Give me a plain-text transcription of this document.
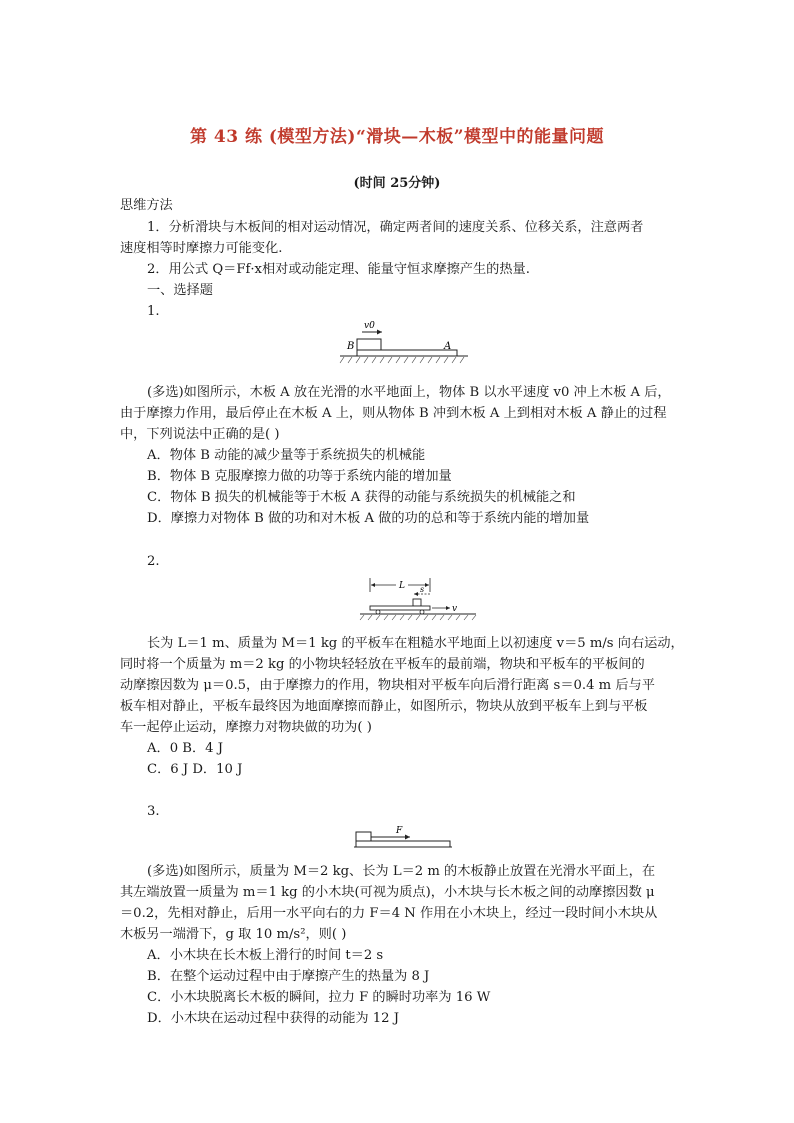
第 43 练 (模型方法)“滑块—木板”模型中的能量问题
(时间 25分钟)
思维方法
1．分析滑块与木板间的相对运动情况，确定两者间的速度关系、位移关系，注意两者
速度相等时摩擦力可能变化.
2．用公式 Q＝Ff·x相对或动能定理、能量守恒求摩擦产生的热量.
一、选择题
1.
v0
B	A
(多选)如图所示，木板 A 放在光滑的水平地面上，物体 B 以水平速度 v0 冲上木板 A 后，
由于摩擦力作用，最后停止在木板 A 上，则从物体 B 冲到木板 A 上到相对木板 A 静止的过程
中，下列说法中正确的是( )
A．物体 B 动能的减少量等于系统损失的机械能
B．物体 B 克服摩擦力做的功等于系统内能的增加量
C．物体 B 损失的机械能等于木板 A 获得的动能与系统损失的机械能之和
D．摩擦力对物体 B 做的功和对木板 A 做的功的总和等于系统内能的增加量
2.
L s
v
长为 L＝1 m、质量为 M＝1 kg 的平板车在粗糙水平地面上以初速度 v＝5 m/s 向右运动，
同时将一个质量为 m＝2 kg 的小物块轻轻放在平板车的最前端，物块和平板车的平板间的
动摩擦因数为 μ＝0.5，由于摩擦力的作用，物块相对平板车向后滑行距离 s＝0.4 m 后与平
板车相对静止，平板车最终因为地面摩擦而静止，如图所示，物块从放到平板车上到与平板
车一起停止运动，摩擦力对物块做的功为( )
A．0 B．4 J
C．6 J D．10 J
3.
F
(多选)如图所示，质量为 M＝2 kg、长为 L＝2 m 的木板静止放置在光滑水平面上，在
其左端放置一质量为 m＝1 kg 的小木块(可视为质点)，小木块与长木板之间的动摩擦因数 μ
＝0.2，先相对静止，后用一水平向右的力 F＝4 N 作用在小木块上，经过一段时间小木块从
木板另一端滑下，g 取 10 m/s²，则( )
A．小木块在长木板上滑行的时间 t＝2 s
B．在整个运动过程中由于摩擦产生的热量为 8 J
C．小木块脱离长木板的瞬间，拉力 F 的瞬时功率为 16 W
D．小木块在运动过程中获得的动能为 12 J
